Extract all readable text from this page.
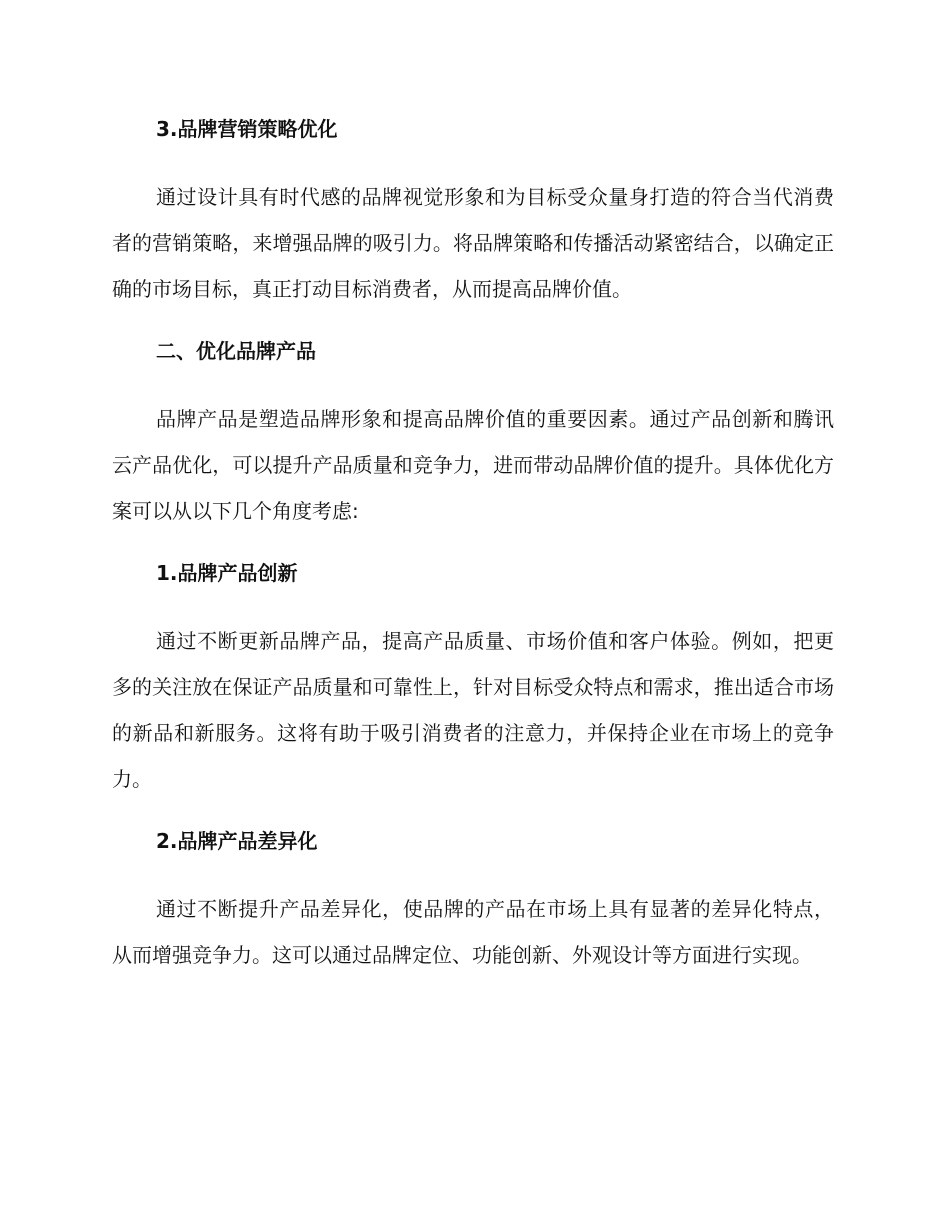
3.品牌营销策略优化

通过设计具有时代感的品牌视觉形象和为目标受众量身打造的符合当代消费者的营销策略，来增强品牌的吸引力。将品牌策略和传播活动紧密结合，以确定正确的市场目标，真正打动目标消费者，从而提高品牌价值。

二、优化品牌产品

品牌产品是塑造品牌形象和提高品牌价值的重要因素。通过产品创新和腾讯云产品优化，可以提升产品质量和竞争力，进而带动品牌价值的提升。具体优化方案可以从以下几个角度考虑:

1.品牌产品创新

通过不断更新品牌产品，提高产品质量、市场价值和客户体验。例如，把更多的关注放在保证产品质量和可靠性上，针对目标受众特点和需求，推出适合市场的新品和新服务。这将有助于吸引消费者的注意力，并保持企业在市场上的竞争力。

2.品牌产品差异化

通过不断提升产品差异化，使品牌的产品在市场上具有显著的差异化特点，从而增强竞争力。这可以通过品牌定位、功能创新、外观设计等方面进行实现。
